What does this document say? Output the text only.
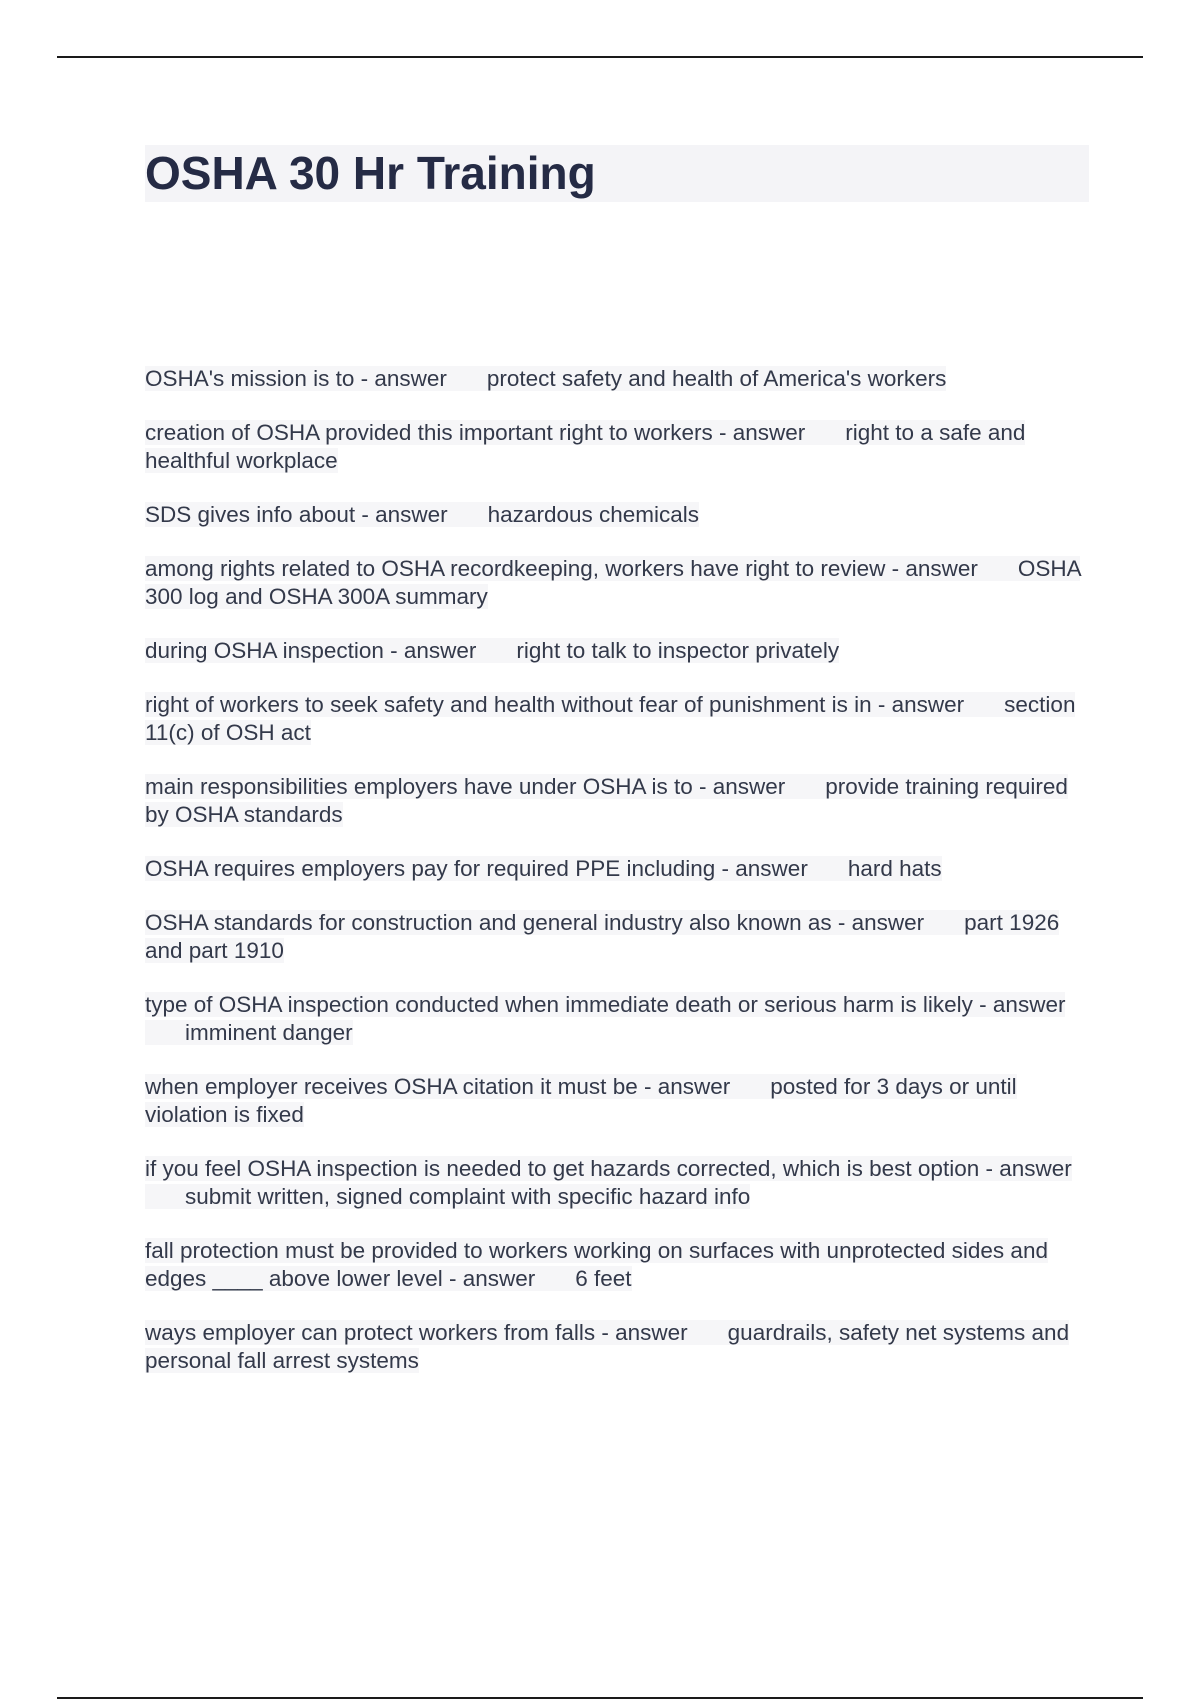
OSHA 30 Hr Training
OSHA's mission is to - answer protect safety and health of America's workers
creation of OSHA provided this important right to workers - answer right to a safe and healthful workplace
SDS gives info about - answer hazardous chemicals
among rights related to OSHA recordkeeping, workers have right to review - answer OSHA 300 log and OSHA 300A summary
during OSHA inspection - answer right to talk to inspector privately
right of workers to seek safety and health without fear of punishment is in - answer section 11(c) of OSH act
main responsibilities employers have under OSHA is to - answer provide training required by OSHA standards
OSHA requires employers pay for required PPE including - answer hard hats
OSHA standards for construction and general industry also known as - answer part 1926 and part 1910
type of OSHA inspection conducted when immediate death or serious harm is likely - answerimminent danger
when employer receives OSHA citation it must be - answer posted for 3 days or until violation is fixed
if you feel OSHA inspection is needed to get hazards corrected, which is best option - answersubmit written, signed complaint with specific hazard info
fall protection must be provided to workers working on surfaces with unprotected sides and edges ____ above lower level - answer 6 feet
ways employer can protect workers from falls - answer guardrails, safety net systems and personal fall arrest systems
